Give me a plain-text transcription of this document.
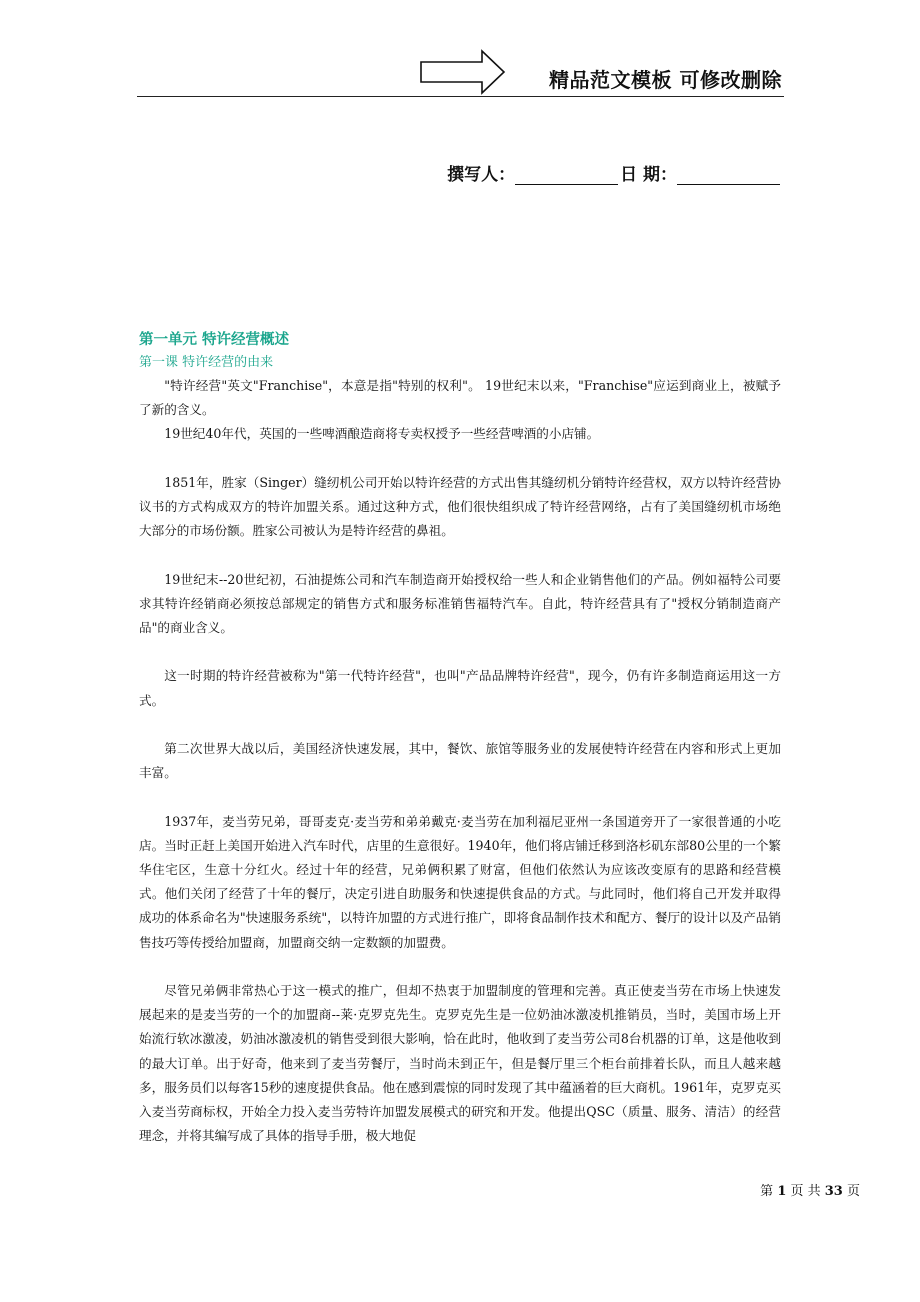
精品范文模板 可修改删除
撰写人：	日 期：

第一单元 特许经营概述

第一课 特许经营的由来

"特许经营"英文"Franchise"，本意是指"特别的权利"。 19世纪末以来，"Franchise"应运到商业上，被赋予了新的含义。

19世纪40年代，英国的一些啤酒酿造商将专卖权授予一些经营啤酒的小店铺。

1851年，胜家（Singer）缝纫机公司开始以特许经营的方式出售其缝纫机分销特许经营权，双方以特许经营协议书的方式构成双方的特许加盟关系。通过这种方式，他们很快组织成了特许经营网络，占有了美国缝纫机市场绝大部分的市场份额。胜家公司被认为是特许经营的鼻祖。

19世纪末--20世纪初，石油提炼公司和汽车制造商开始授权给一些人和企业销售他们的产品。例如福特公司要求其特许经销商必须按总部规定的销售方式和服务标准销售福特汽车。自此，特许经营具有了"授权分销制造商产品"的商业含义。

这一时期的特许经营被称为"第一代特许经营"，也叫"产品品牌特许经营"，现今，仍有许多制造商运用这一方式。

第二次世界大战以后，美国经济快速发展，其中，餐饮、旅馆等服务业的发展使特许经营在内容和形式上更加丰富。

1937年，麦当劳兄弟，哥哥麦克·麦当劳和弟弟戴克·麦当劳在加利福尼亚州一条国道旁开了一家很普通的小吃店。当时正赶上美国开始进入汽车时代，店里的生意很好。1940年，他们将店铺迁移到洛杉矶东部80公里的一个繁华住宅区，生意十分红火。经过十年的经营，兄弟俩积累了财富，但他们依然认为应该改变原有的思路和经营模式。他们关闭了经营了十年的餐厅，决定引进自助服务和快速提供食品的方式。与此同时，他们将自己开发并取得成功的体系命名为"快速服务系统"，以特许加盟的方式进行推广，即将食品制作技术和配方、餐厅的设计以及产品销售技巧等传授给加盟商，加盟商交纳一定数额的加盟费。

尽管兄弟俩非常热心于这一模式的推广，但却不热衷于加盟制度的管理和完善。真正使麦当劳在市场上快速发展起来的是麦当劳的一个的加盟商--莱·克罗克先生。克罗克先生是一位奶油冰激凌机推销员，当时，美国市场上开始流行软冰激凌，奶油冰激凌机的销售受到很大影响，恰在此时，他收到了麦当劳公司8台机器的订单，这是他收到的最大订单。出于好奇，他来到了麦当劳餐厅，当时尚未到正午，但是餐厅里三个柜台前排着长队，而且人越来越多，服务员们以每客15秒的速度提供食品。他在感到震惊的同时发现了其中蕴涵着的巨大商机。1961年，克罗克买入麦当劳商标权，开始全力投入麦当劳特许加盟发展模式的研究和开发。他提出QSC（质量、服务、清洁）的经营理念，并将其编写成了具体的指导手册，极大地促

第 1 页 共 33 页
